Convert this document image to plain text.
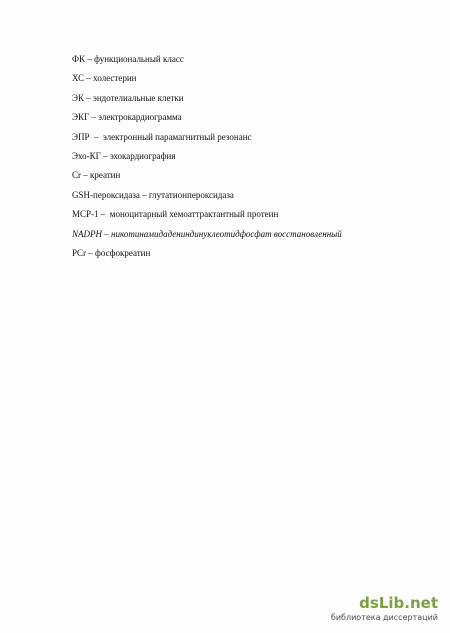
ФК – функциональный класс
ХС – холестерин
ЭК – эндотелиальные клетки
ЭКГ – электрокардиограмма
ЭПР  –  электронный парамагнитный резонанс
Эхо-КГ – эхокардиография
Cr – креатин
GSH-пероксидаза – глутатионпероксидаза
MCP-1 –  моноцитарный хемоаттрактантный протеин
NADPH – никотинамидадениндинуклеотидфосфат восстановленный
PCr – фосфокреатин
dsLib.net
библиотека диссертаций
